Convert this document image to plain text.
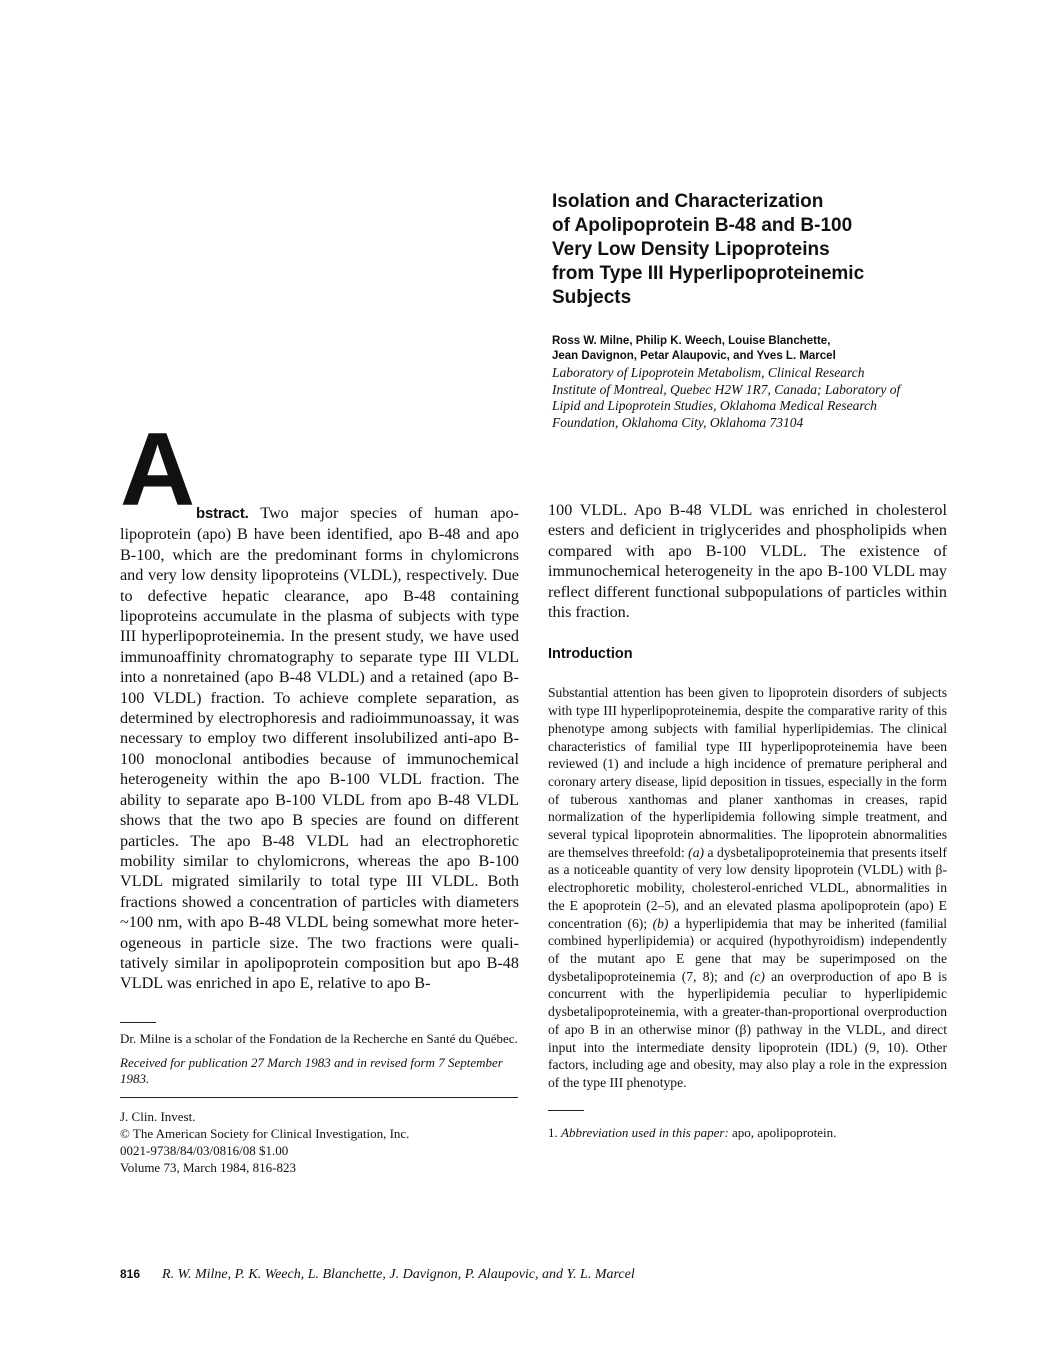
Isolation and Characterization
of Apolipoprotein B-48 and B-100
Very Low Density Lipoproteins
from Type III Hyperlipoproteinemic
Subjects
Ross W. Milne, Philip K. Weech, Louise Blanchette,
Jean Davignon, Petar Alaupovic, and Yves L. Marcel
Laboratory of Lipoprotein Metabolism, Clinical Research
Institute of Montreal, Quebec H2W 1R7, Canada; Laboratory of
Lipid and Lipoprotein Studies, Oklahoma Medical Research
Foundation, Oklahoma City, Oklahoma 73104
A bstract. Two major species of human apolipoprotein (apo) B have been identified, apo B-48 and apo B-100, which are the predominant forms in chylomicrons and very low density lipoproteins (VLDL), respectively. Due to defective hepatic clearance, apo B-48 containing lipoproteins accumulate in the plasma of subjects with type III hyperlipoproteinemia. In the present study, we have used immunoaffinity chromatography to separate type III VLDL into a nonretained (apo B-48 VLDL) and a retained (apo B-100 VLDL) fraction. To achieve complete separation, as determined by electrophoresis and radioimmunoassay, it was necessary to employ two different insolubilized anti-apo B-100 monoclonal antibodies because of immunochemical heterogeneity within the apo B-100 VLDL fraction. The ability to separate apo B-100 VLDL from apo B-48 VLDL shows that the two apo B species are found on different particles. The apo B-48 VLDL had an electrophoretic mobility similar to chylomicrons, whereas the apo B-100 VLDL migrated similarily to total type III VLDL. Both fractions showed a concentration of particles with diameters ~100 nm, with apo B-48 VLDL being somewhat more heterogeneous in particle size. The two fractions were qualitatively similar in apolipoprotein composition but apo B-48 VLDL was enriched in apo E, relative to apo B-

Dr. Milne is a scholar of the Fondation de la Recherche en Santé du Québec.

Received for publication 27 March 1983 and in revised form 7 September 1983.

J. Clin. Invest.
© The American Society for Clinical Investigation, Inc.
0021-9738/84/03/0816/08 $1.00
Volume 73, March 1984, 816-823

100 VLDL. Apo B-48 VLDL was enriched in cholesterol esters and deficient in triglycerides and phospholipids when compared with apo B-100 VLDL. The existence of immunochemical heterogeneity in the apo B-100 VLDL may reflect different functional subpopulations of particles within this fraction.

Introduction

Substantial attention has been given to lipoprotein disorders of subjects with type III hyperlipoproteinemia, despite the comparative rarity of this phenotype among subjects with familial hyperlipidemias. The clinical characteristics of familial type III hyperlipoproteinemia have been reviewed (1) and include a high incidence of premature peripheral and coronary artery disease, lipid deposition in tissues, especially in the form of tuberous xanthomas and planer xanthomas in creases, rapid normalization of the hyperlipidemia following simple treatment, and several typical lipoprotein abnormalities. The lipoprotein abnormalities are themselves threefold: (a) a dysbetalipoproteinemia that presents itself as a noticeable quantity of very low density lipoprotein (VLDL) with β-electrophoretic mobility, cholesterol-enriched VLDL, abnormalities in the E apoprotein (2–5), and an elevated plasma apolipoprotein (apo) E concentration (6); (b) a hyperlipidemia that may be inherited (familial combined hyperlipidemia) or acquired (hypothyroidism) independently of the mutant apo E gene that may be superimposed on the dysbetalipoproteinemia (7, 8); and (c) an overproduction of apo B is concurrent with the hyperlipidemia peculiar to hyperlipidemic dysbetalipoproteinemia, with a greater-than-proportional overproduction of apo B in an otherwise minor (β) pathway in the VLDL, and direct input into the intermediate density lipoprotein (IDL) (9, 10). Other factors, including age and obesity, may also play a role in the expression of the type III phenotype.

1. Abbreviation used in this paper: apo, apolipoprotein.

816 R. W. Milne, P. K. Weech, L. Blanchette, J. Davignon, P. Alaupovic, and Y. L. Marcel
